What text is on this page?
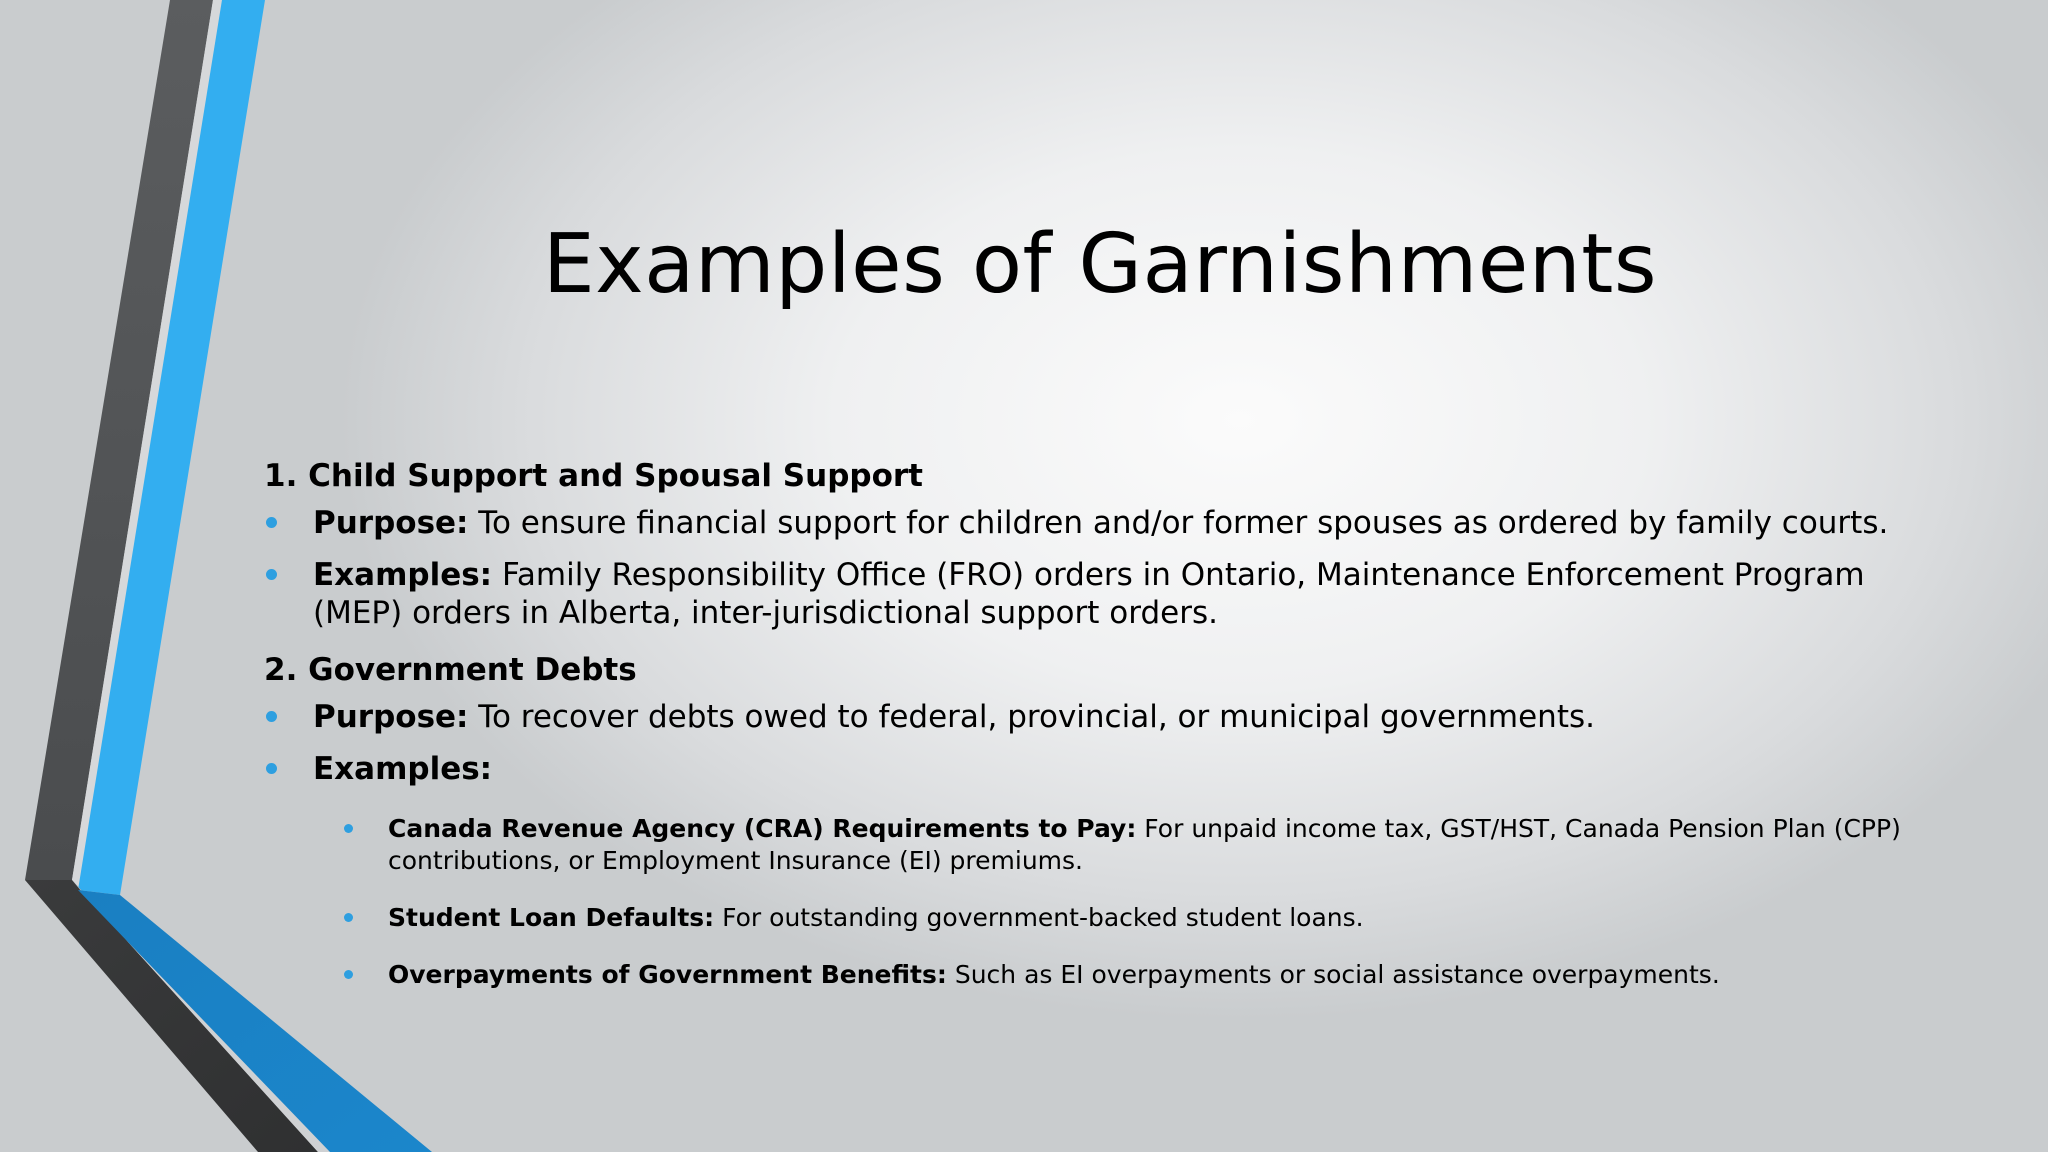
Examples of Garnishments

1. Child Support and Spousal Support

Purpose: To ensure financial support for children and/or former spouses as ordered by family courts.

Examples: Family Responsibility Office (FRO) orders in Ontario, Maintenance Enforcement Program (MEP) orders in Alberta, inter-jurisdictional support orders.

2. Government Debts

Purpose: To recover debts owed to federal, provincial, or municipal governments.

Examples:

Canada Revenue Agency (CRA) Requirements to Pay: For unpaid income tax, GST/HST, Canada Pension Plan (CPP) contributions, or Employment Insurance (EI) premiums.

Student Loan Defaults: For outstanding government-backed student loans.

Overpayments of Government Benefits: Such as EI overpayments or social assistance overpayments.
